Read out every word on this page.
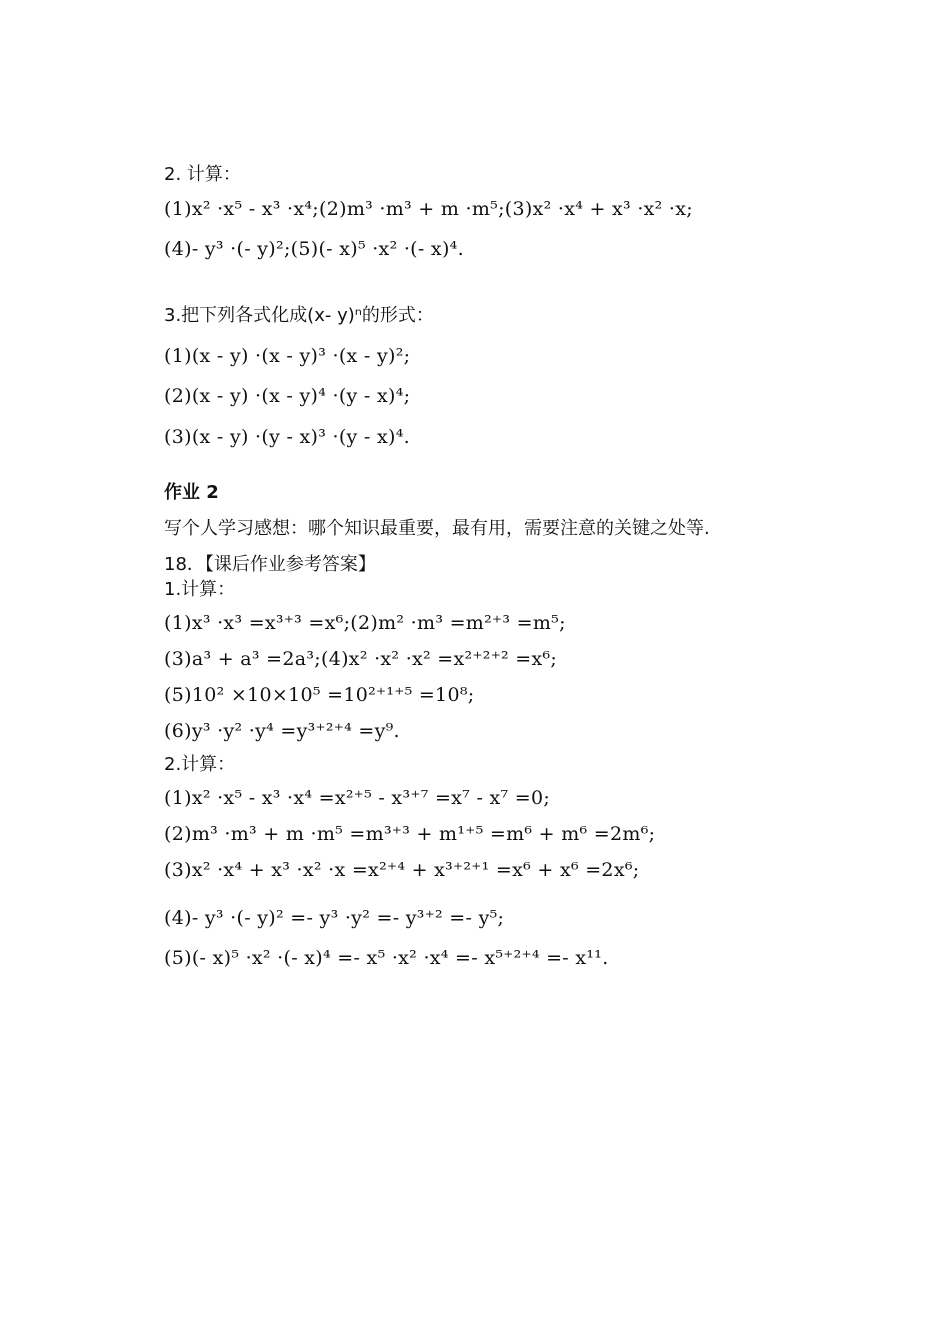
2. 计算：
(1)x² ·x⁵ - x³ ·x⁴;(2)m³ ·m³ + m ·m⁵;(3)x² ·x⁴ + x³ ·x² ·x;
(4)- y³ ·(- y)²;(5)(- x)⁵ ·x² ·(- x)⁴.
3.把下列各式化成(x- y)ⁿ的形式：
(1)(x - y) ·(x - y)³ ·(x - y)²;
(2)(x - y) ·(x - y)⁴ ·(y - x)⁴;
(3)(x - y) ·(y - x)³ ·(y - x)⁴.
作业 2
写个人学习感想：哪个知识最重要，最有用，需要注意的关键之处等.
18．【课后作业参考答案】
1.计算：
(1)x³ ·x³ =x³⁺³ =x⁶;(2)m² ·m³ =m²⁺³ =m⁵;
(3)a³ + a³ =2a³;(4)x² ·x² ·x² =x²⁺²⁺² =x⁶;
(5)10² ×10×10⁵ =10²⁺¹⁺⁵ =10⁸;
(6)y³ ·y² ·y⁴ =y³⁺²⁺⁴ =y⁹.
2.计算：
(1)x² ·x⁵ - x³ ·x⁴ =x²⁺⁵ - x³⁺⁷ =x⁷ - x⁷ =0;
(2)m³ ·m³ + m ·m⁵ =m³⁺³ + m¹⁺⁵ =m⁶ + m⁶ =2m⁶;
(3)x² ·x⁴ + x³ ·x² ·x =x²⁺⁴ + x³⁺²⁺¹ =x⁶ + x⁶ =2x⁶;
(4)- y³ ·(- y)² =- y³ ·y² =- y³⁺² =- y⁵;
(5)(- x)⁵ ·x² ·(- x)⁴ =- x⁵ ·x² ·x⁴ =- x⁵⁺²⁺⁴ =- x¹¹.
